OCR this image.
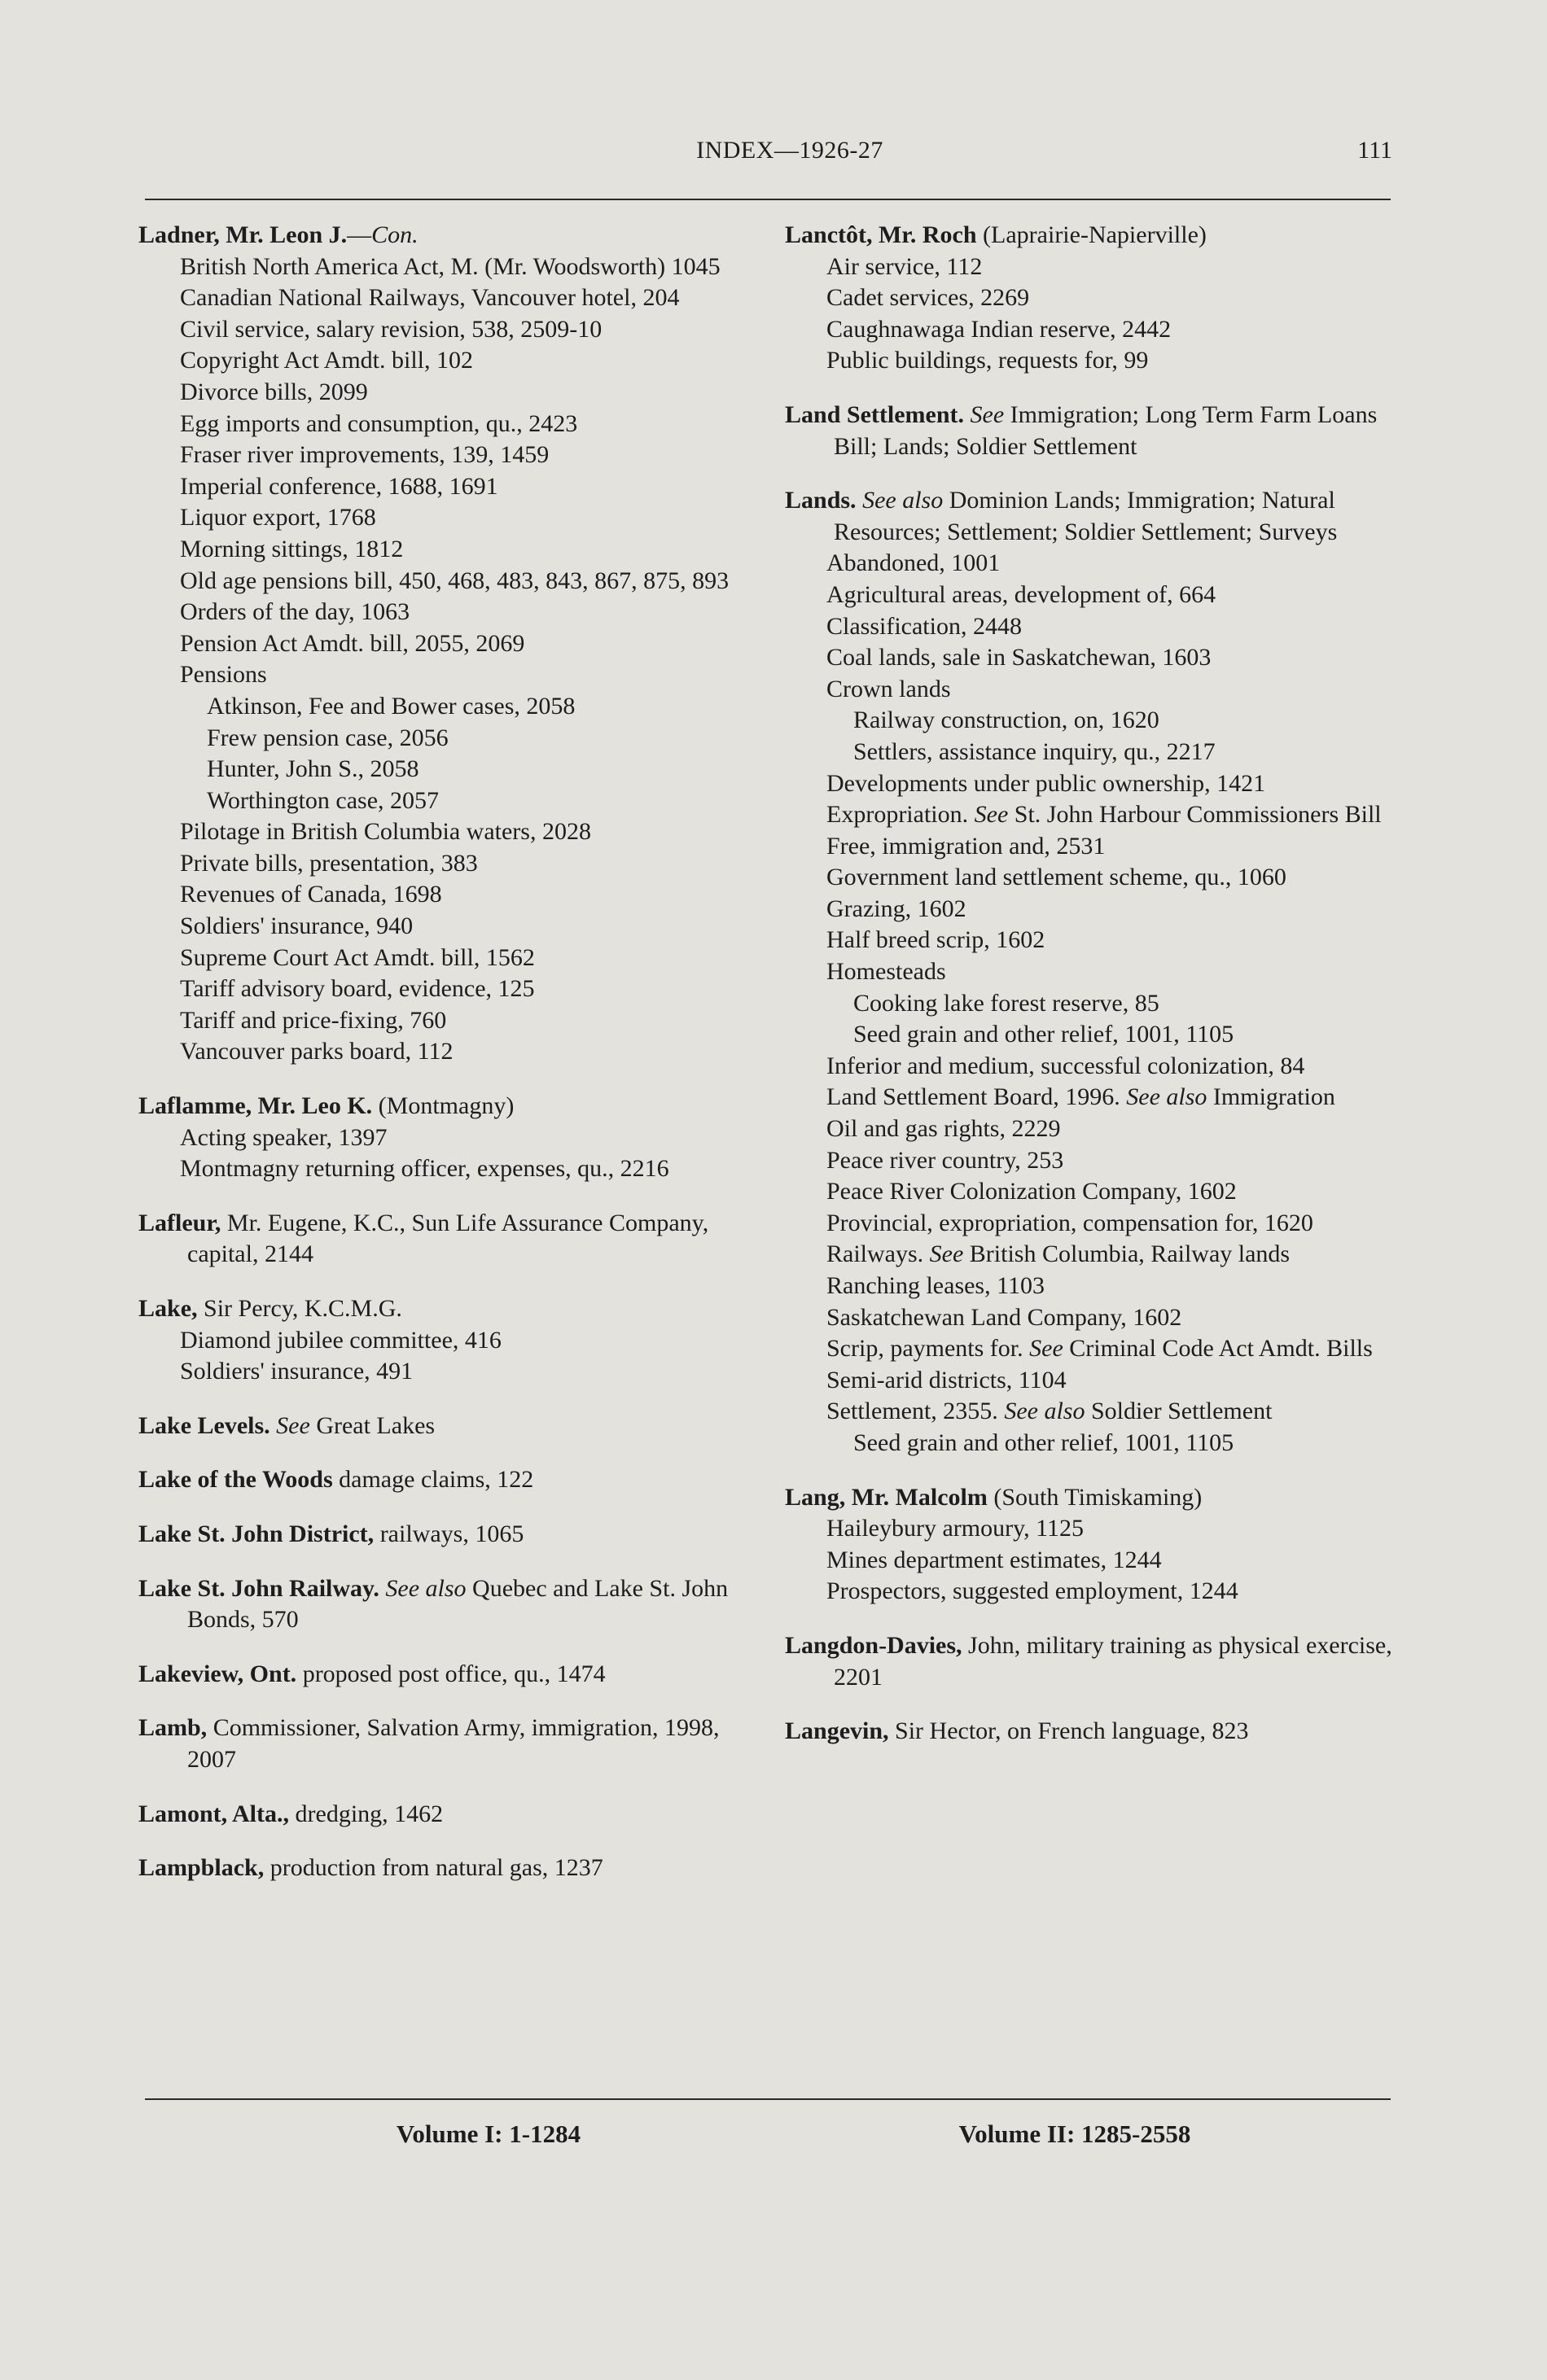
INDEX—1926-27	111
Ladner, Mr. Leon J.—Con.
British North America Act, M. (Mr. Woodsworth) 1045
Canadian National Railways, Vancouver hotel, 204
Civil service, salary revision, 538, 2509-10
Copyright Act Amdt. bill, 102
Divorce bills, 2099
Egg imports and consumption, qu., 2423
Fraser river improvements, 139, 1459
Imperial conference, 1688, 1691
Liquor export, 1768
Morning sittings, 1812
Old age pensions bill, 450, 468, 483, 843, 867, 875, 893
Orders of the day, 1063
Pension Act Amdt. bill, 2055, 2069
Pensions
Atkinson, Fee and Bower cases, 2058
Frew pension case, 2056
Hunter, John S., 2058
Worthington case, 2057
Pilotage in British Columbia waters, 2028
Private bills, presentation, 383
Revenues of Canada, 1698
Soldiers' insurance, 940
Supreme Court Act Amdt. bill, 1562
Tariff advisory board, evidence, 125
Tariff and price-fixing, 760
Vancouver parks board, 112
Laflamme, Mr. Leo K. (Montmagny)
Acting speaker, 1397
Montmagny returning officer, expenses, qu., 2216
Lafleur, Mr. Eugene, K.C., Sun Life Assurance Company, capital, 2144
Lake, Sir Percy, K.C.M.G.
Diamond jubilee committee, 416
Soldiers' insurance, 491
Lake Levels. See Great Lakes
Lake of the Woods damage claims, 122
Lake St. John District, railways, 1065
Lake St. John Railway. See also Quebec and Lake St. John Bonds, 570
Lakeview, Ont. proposed post office, qu., 1474
Lamb, Commissioner, Salvation Army, immigration, 1998, 2007
Lamont, Alta., dredging, 1462
Lampblack, production from natural gas, 1237
Lanctôt, Mr. Roch (Laprairie-Napierville)
Air service, 112
Cadet services, 2269
Caughnawaga Indian reserve, 2442
Public buildings, requests for, 99
Land Settlement. See Immigration; Long Term Farm Loans Bill; Lands; Soldier Settlement
Lands. See also Dominion Lands; Immigration; Natural Resources; Settlement; Soldier Settlement; Surveys
Abandoned, 1001
Agricultural areas, development of, 664
Classification, 2448
Coal lands, sale in Saskatchewan, 1603
Crown lands
Railway construction, on, 1620
Settlers, assistance inquiry, qu., 2217
Developments under public ownership, 1421
Expropriation. See St. John Harbour Commissioners Bill
Free, immigration and, 2531
Government land settlement scheme, qu., 1060
Grazing, 1602
Half breed scrip, 1602
Homesteads
Cooking lake forest reserve, 85
Seed grain and other relief, 1001, 1105
Inferior and medium, successful colonization, 84
Land Settlement Board, 1996. See also Immigration
Oil and gas rights, 2229
Peace river country, 253
Peace River Colonization Company, 1602
Provincial, expropriation, compensation for, 1620
Railways. See British Columbia, Railway lands
Ranching leases, 1103
Saskatchewan Land Company, 1602
Scrip, payments for. See Criminal Code Act Amdt. Bills
Semi-arid districts, 1104
Settlement, 2355. See also Soldier Settlement
Seed grain and other relief, 1001, 1105
Lang, Mr. Malcolm (South Timiskaming)
Haileybury armoury, 1125
Mines department estimates, 1244
Prospectors, suggested employment, 1244
Langdon-Davies, John, military training as physical exercise, 2201
Langevin, Sir Hector, on French language, 823
Volume I: 1-1284	Volume II: 1285-2558
